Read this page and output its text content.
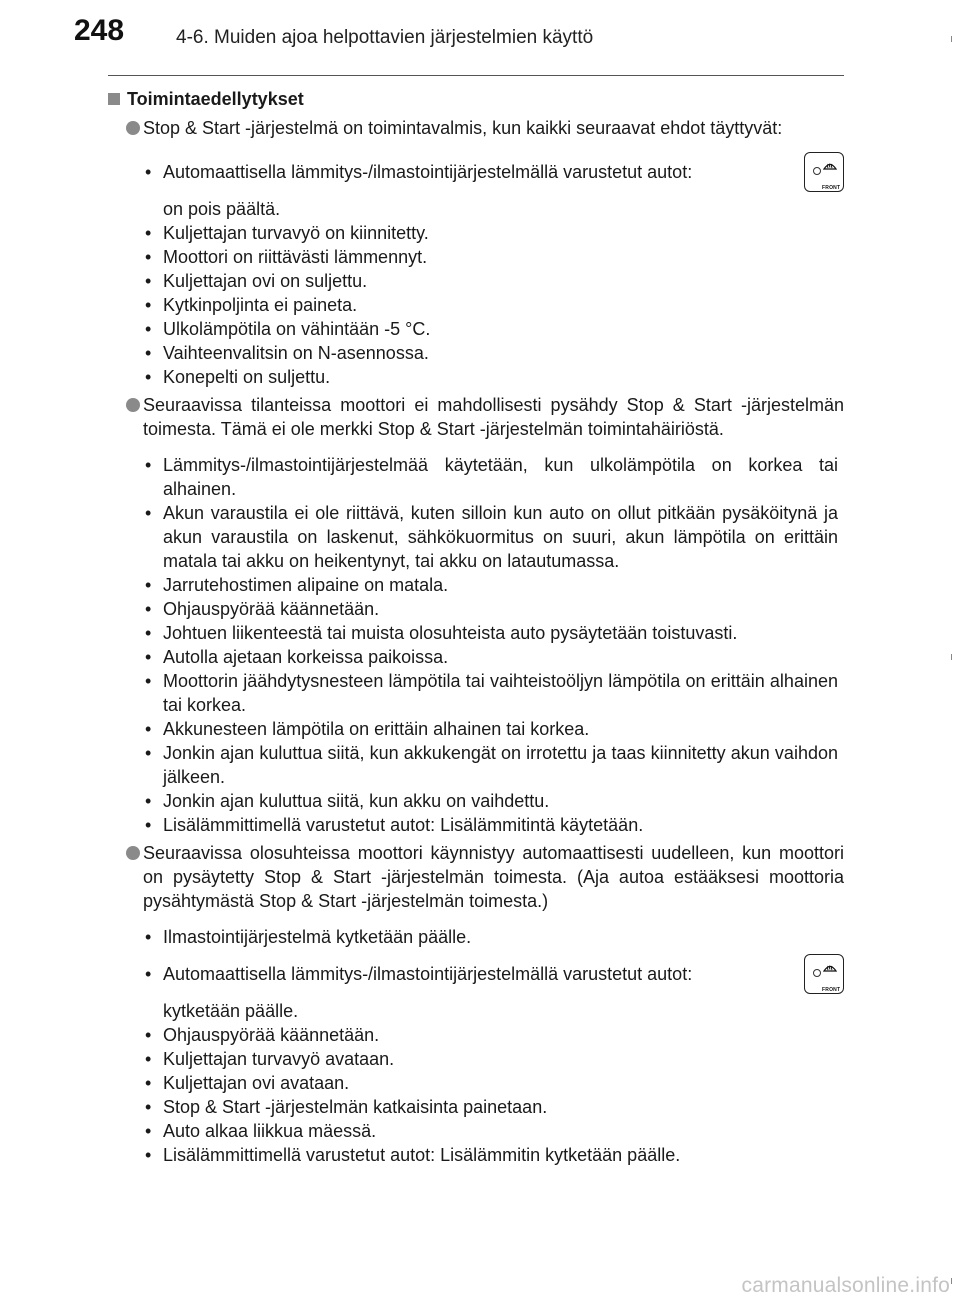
248	4-6. Muiden ajoa helpottavien järjestelmien käyttö
Toimintaedellytykset

Stop & Start -järjestelmä on toimintavalmis, kun kaikki seuraavat ehdot täyttyvät:

• Automaattisella lämmitys-/ilmastointijärjestelmällä varustetut autot:
FRONT
on pois päältä.
• Kuljettajan turvavyö on kiinnitetty.
• Moottori on riittävästi lämmennyt.
• Kuljettajan ovi on suljettu.
• Kytkinpoljinta ei paineta.
• Ulkolämpötila on vähintään -5 °C.
• Vaihteenvalitsin on N-asennossa.
• Konepelti on suljettu.

Seuraavissa tilanteissa moottori ei mahdollisesti pysähdy Stop & Start -järjestelmän toimesta. Tämä ei ole merkki Stop & Start -järjestelmän toimintahäiriöstä.

• Lämmitys-/ilmastointijärjestelmää käytetään, kun ulkolämpötila on korkea tai alhainen.
• Akun varaustila ei ole riittävä, kuten silloin kun auto on ollut pitkään pysäköitynä ja akun varaustila on laskenut, sähkökuormitus on suuri, akun lämpötila on erittäin matala tai akku on heikentynyt, tai akku on latautumassa.
• Jarrutehostimen alipaine on matala.
• Ohjauspyörää käännetään.
• Johtuen liikenteestä tai muista olosuhteista auto pysäytetään toistuvasti.
• Autolla ajetaan korkeissa paikoissa.
• Moottorin jäähdytysnesteen lämpötila tai vaihteistoöljyn lämpötila on erittäin alhainen tai korkea.
• Akkunesteen lämpötila on erittäin alhainen tai korkea.
• Jonkin ajan kuluttua siitä, kun akkukengät on irrotettu ja taas kiinnitetty akun vaihdon jälkeen.
• Jonkin ajan kuluttua siitä, kun akku on vaihdettu.
• Lisälämmittimellä varustetut autot: Lisälämmitintä käytetään.

Seuraavissa olosuhteissa moottori käynnistyy automaattisesti uudelleen, kun moottori on pysäytetty Stop & Start -järjestelmän toimesta. (Aja autoa estääksesi moottoria pysähtymästä Stop & Start -järjestelmän toimesta.)

• Ilmastointijärjestelmä kytketään päälle.
• Automaattisella lämmitys-/ilmastointijärjestelmällä varustetut autot:
FRONT
kytketään päälle.
• Ohjauspyörää käännetään.
• Kuljettajan turvavyö avataan.
• Kuljettajan ovi avataan.
• Stop & Start -järjestelmän katkaisinta painetaan.
• Auto alkaa liikkua mäessä.
• Lisälämmittimellä varustetut autot: Lisälämmitin kytketään päälle.
carmanualsonline.info
